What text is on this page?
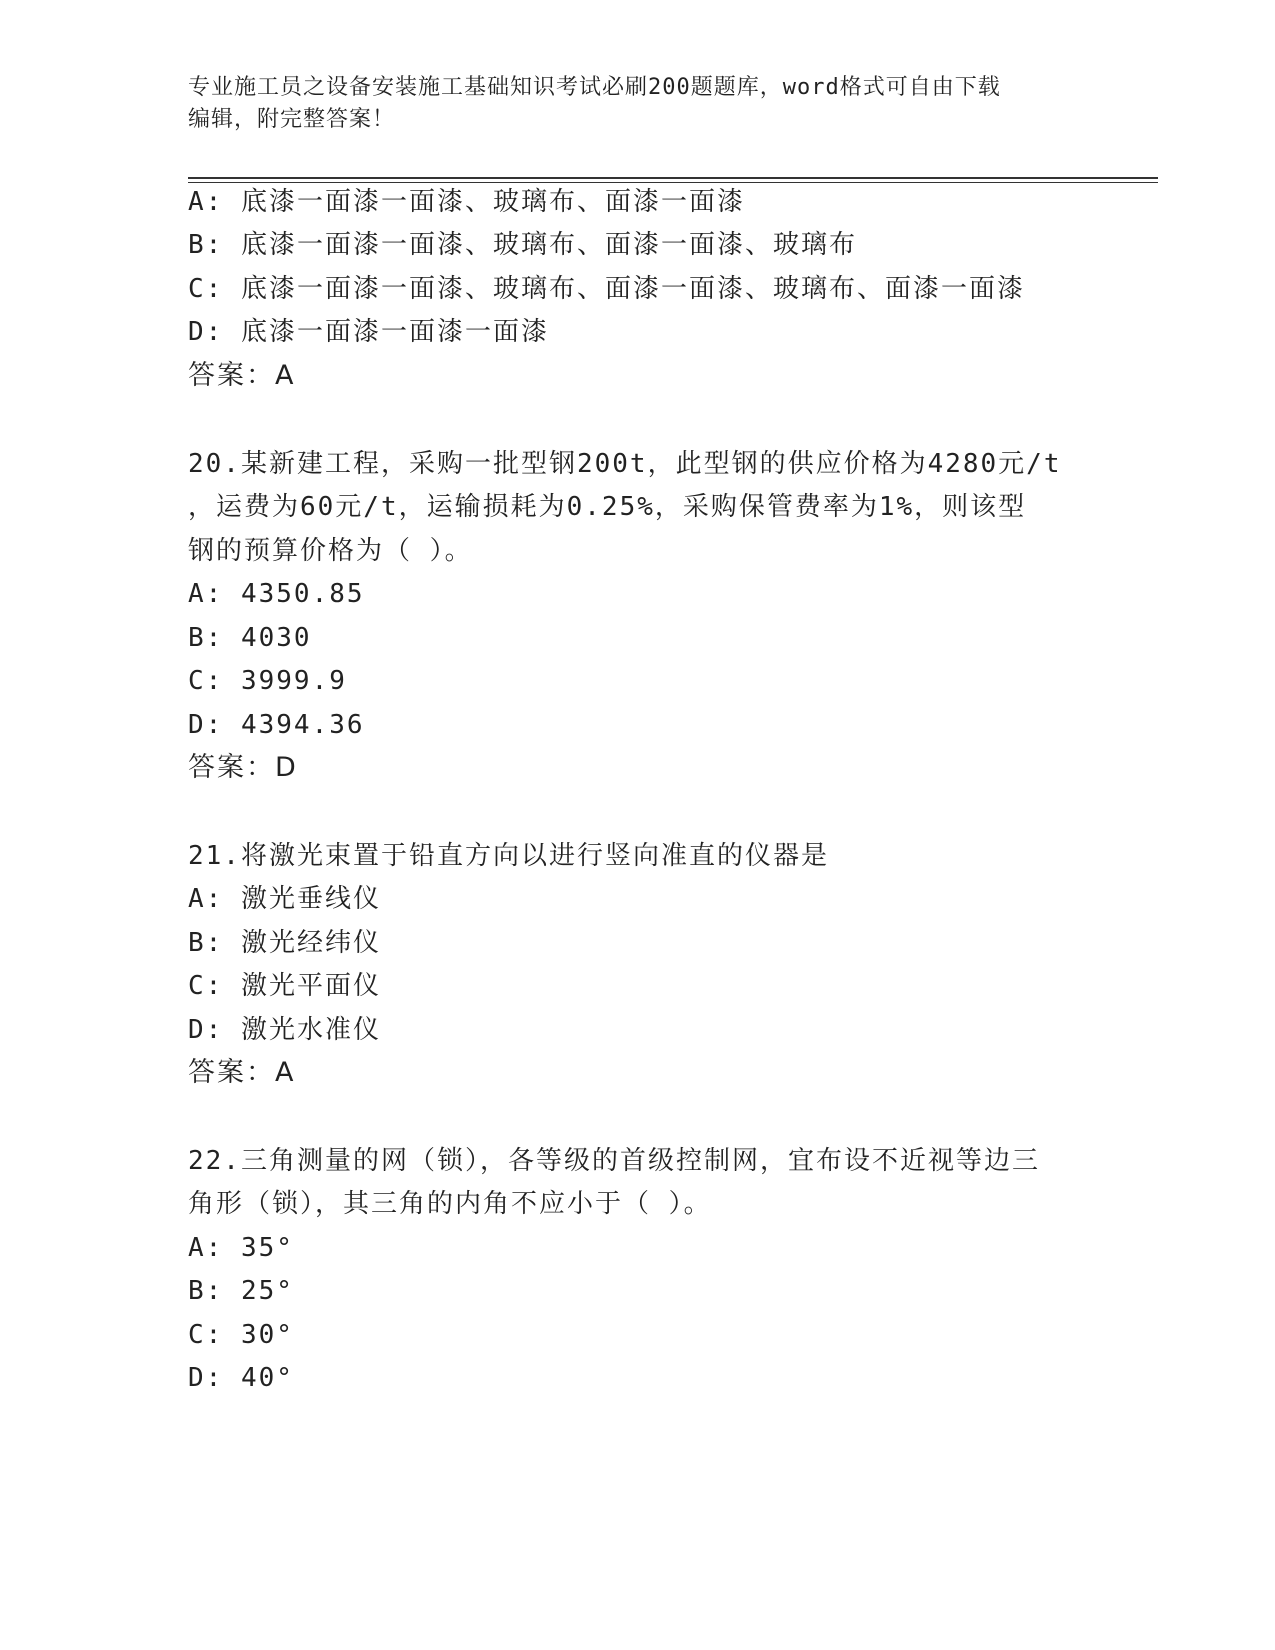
专业施工员之设备安装施工基础知识考试必刷200题题库，word格式可自由下载
编辑，附完整答案！
A: 底漆一面漆一面漆、玻璃布、面漆一面漆
B: 底漆一面漆一面漆、玻璃布、面漆一面漆、玻璃布
C: 底漆一面漆一面漆、玻璃布、面漆一面漆、玻璃布、面漆一面漆
D: 底漆一面漆一面漆一面漆
答案：A
20.某新建工程，采购一批型钢200t，此型钢的供应价格为4280元/t
，运费为60元/t，运输损耗为0.25%，采购保管费率为1%，则该型
钢的预算价格为（ ）。
A: 4350.85
B: 4030
C: 3999.9
D: 4394.36
答案：D
21.将激光束置于铅直方向以进行竖向准直的仪器是
A: 激光垂线仪
B: 激光经纬仪
C: 激光平面仪
D: 激光水准仪
答案：A
22.三角测量的网（锁），各等级的首级控制网，宜布设不近视等边三
角形（锁），其三角的内角不应小于（ ）。
A: 35°
B: 25°
C: 30°
D: 40°
